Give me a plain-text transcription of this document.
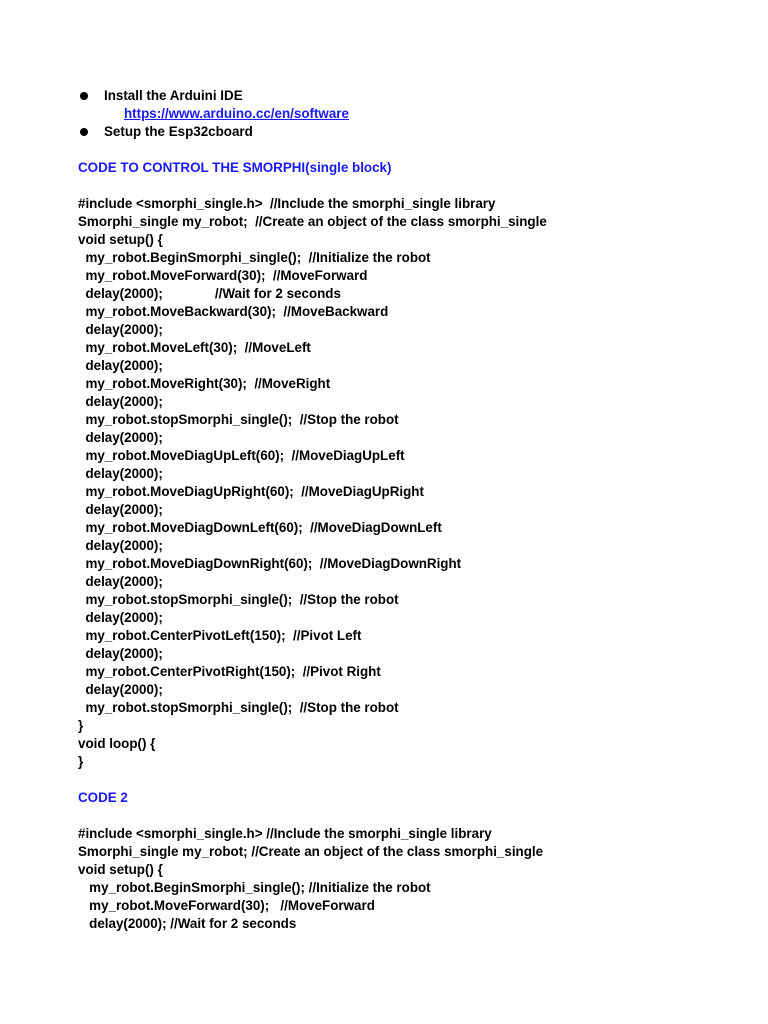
Install the Arduini IDE
https://www.arduino.cc/en/software
Setup the Esp32cboard
CODE TO CONTROL THE SMORPHI(single block)
#include <smorphi_single.h>  //Include the smorphi_single library
Smorphi_single my_robot;  //Create an object of the class smorphi_single
void setup() {
my_robot.BeginSmorphi_single();  //Initialize the robot
my_robot.MoveForward(30);  //MoveForward
delay(2000);              //Wait for 2 seconds
my_robot.MoveBackward(30);  //MoveBackward
delay(2000);
my_robot.MoveLeft(30);  //MoveLeft
delay(2000);
my_robot.MoveRight(30);  //MoveRight
delay(2000);
my_robot.stopSmorphi_single();  //Stop the robot
delay(2000);
my_robot.MoveDiagUpLeft(60);  //MoveDiagUpLeft
delay(2000);
my_robot.MoveDiagUpRight(60);  //MoveDiagUpRight
delay(2000);
my_robot.MoveDiagDownLeft(60);  //MoveDiagDownLeft
delay(2000);
my_robot.MoveDiagDownRight(60);  //MoveDiagDownRight
delay(2000);
my_robot.stopSmorphi_single();  //Stop the robot
delay(2000);
my_robot.CenterPivotLeft(150);  //Pivot Left
delay(2000);
my_robot.CenterPivotRight(150);  //Pivot Right
delay(2000);
my_robot.stopSmorphi_single();  //Stop the robot
}
void loop() {
}
CODE 2
#include <smorphi_single.h> //Include the smorphi_single library
Smorphi_single my_robot; //Create an object of the class smorphi_single
void setup() {
my_robot.BeginSmorphi_single(); //Initialize the robot
my_robot.MoveForward(30);   //MoveForward
delay(2000); //Wait for 2 seconds
